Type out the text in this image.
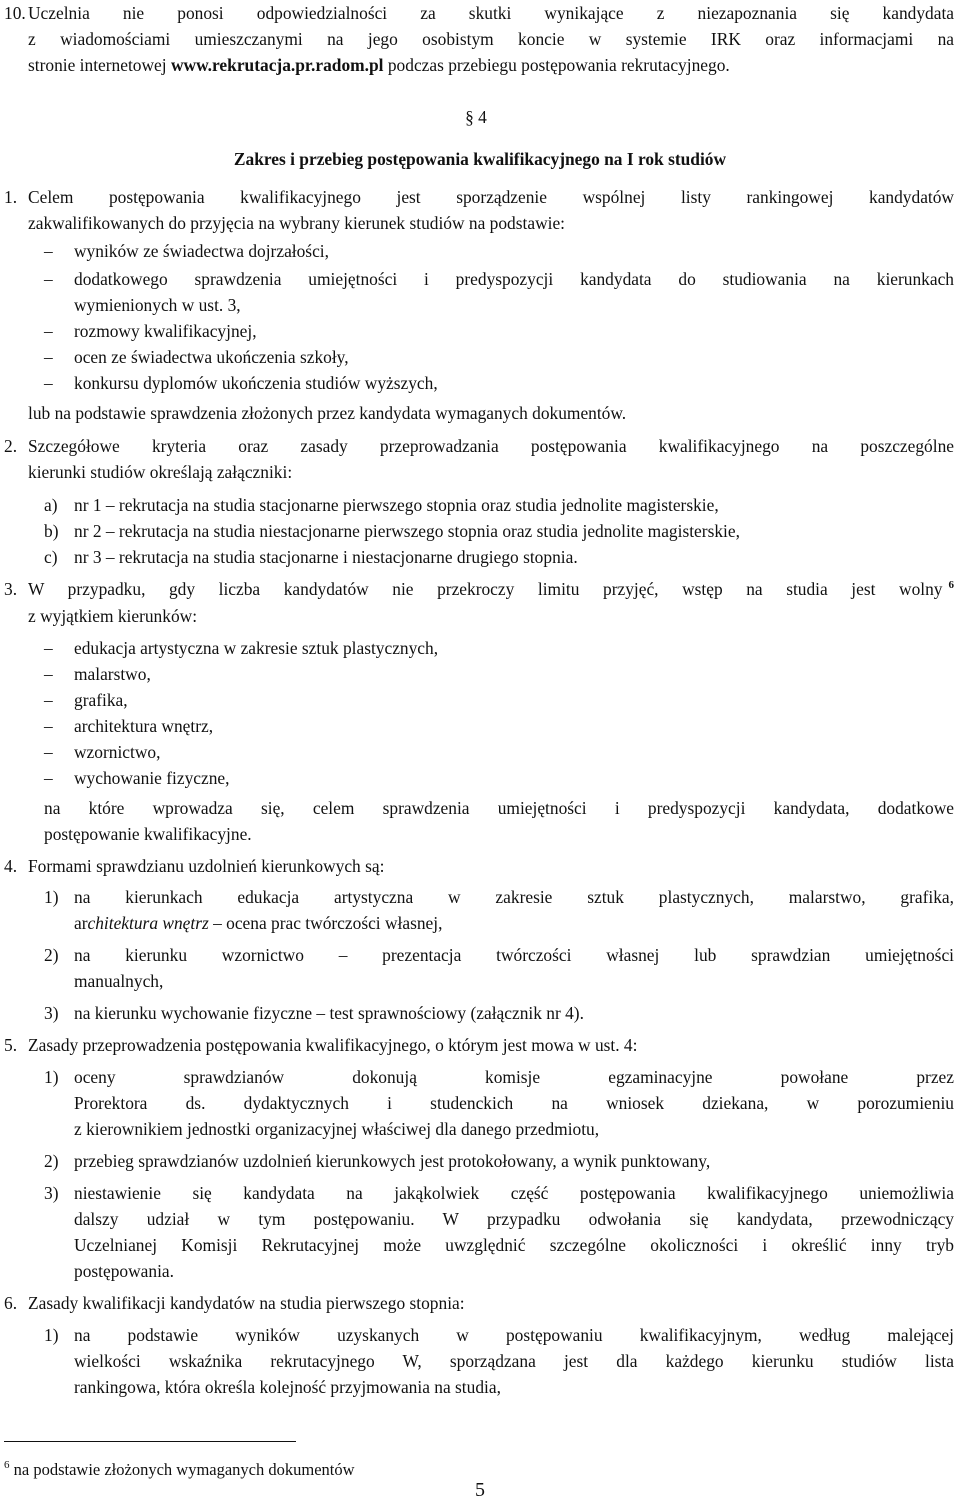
10. Uczelnia nie ponosi odpowiedzialności za skutki wynikające z niezapoznania się kandydata
z wiadomościami umieszczanymi na jego osobistym koncie w systemie IRK oraz informacjami na
stronie internetowej www.rekrutacja.pr.radom.pl podczas przebiegu postępowania rekrutacyjnego.
§ 4
Zakres i przebieg postępowania kwalifikacyjnego na I rok studiów
1. Celem postępowania kwalifikacyjnego jest sporządzenie wspólnej listy rankingowej kandydatów
zakwalifikowanych do przyjęcia na wybrany kierunek studiów na podstawie:
– wyników ze świadectwa dojrzałości,
– dodatkowego sprawdzenia umiejętności i predyspozycji kandydata do studiowania na kierunkach
wymienionych w ust. 3,
– rozmowy kwalifikacyjnej,
– ocen ze świadectwa ukończenia szkoły,
– konkursu dyplomów ukończenia studiów wyższych,
lub na podstawie sprawdzenia złożonych przez kandydata wymaganych dokumentów.
2. Szczegółowe kryteria oraz zasady przeprowadzania postępowania kwalifikacyjnego na poszczególne
kierunki studiów określają załączniki:
a) nr 1 – rekrutacja na studia stacjonarne pierwszego stopnia oraz studia jednolite magisterskie,
b) nr 2 – rekrutacja na studia niestacjonarne pierwszego stopnia oraz studia jednolite magisterskie,
c) nr 3 – rekrutacja na studia stacjonarne i niestacjonarne drugiego stopnia.
3. W przypadku, gdy liczba kandydatów nie przekroczy limitu przyjęć, wstęp na studia jest wolny 6
z wyjątkiem kierunków:
– edukacja artystyczna w zakresie sztuk plastycznych,
– malarstwo,
– grafika,
– architektura wnętrz,
– wzornictwo,
– wychowanie fizyczne,
na które wprowadza się, celem sprawdzenia umiejętności i predyspozycji kandydata, dodatkowe
postępowanie kwalifikacyjne.
4. Formami sprawdzianu uzdolnień kierunkowych są:
1) na kierunkach edukacja artystyczna w zakresie sztuk plastycznych, malarstwo, grafika,
architektura wnętrz – ocena prac twórczości własnej,
2) na kierunku wzornictwo – prezentacja twórczości własnej lub sprawdzian umiejętności
manualnych,
3) na kierunku wychowanie fizyczne – test sprawnościowy (załącznik nr 4).
5. Zasady przeprowadzenia postępowania kwalifikacyjnego, o którym jest mowa w ust. 4:
1) oceny sprawdzianów dokonują komisje egzaminacyjne powołane przez
Prorektora ds. dydaktycznych i studenckich na wniosek dziekana, w porozumieniu
z kierownikiem jednostki organizacyjnej właściwej dla danego przedmiotu,
2) przebieg sprawdzianów uzdolnień kierunkowych jest protokołowany, a wynik punktowany,
3) niestawienie się kandydata na jakąkolwiek część postępowania kwalifikacyjnego uniemożliwia
dalszy udział w tym postępowaniu. W przypadku odwołania się kandydata, przewodniczący
Uczelnianej Komisji Rekrutacyjnej może uwzględnić szczególne okoliczności i określić inny tryb
postępowania.
6. Zasady kwalifikacji kandydatów na studia pierwszego stopnia:
1) na podstawie wyników uzyskanych w postępowaniu kwalifikacyjnym, według malejącej
wielkości wskaźnika rekrutacyjnego W, sporządzana jest dla każdego kierunku studiów lista
rankingowa, która określa kolejność przyjmowania na studia,
$^6$ na podstawie złożonych wymaganych dokumentów
5
